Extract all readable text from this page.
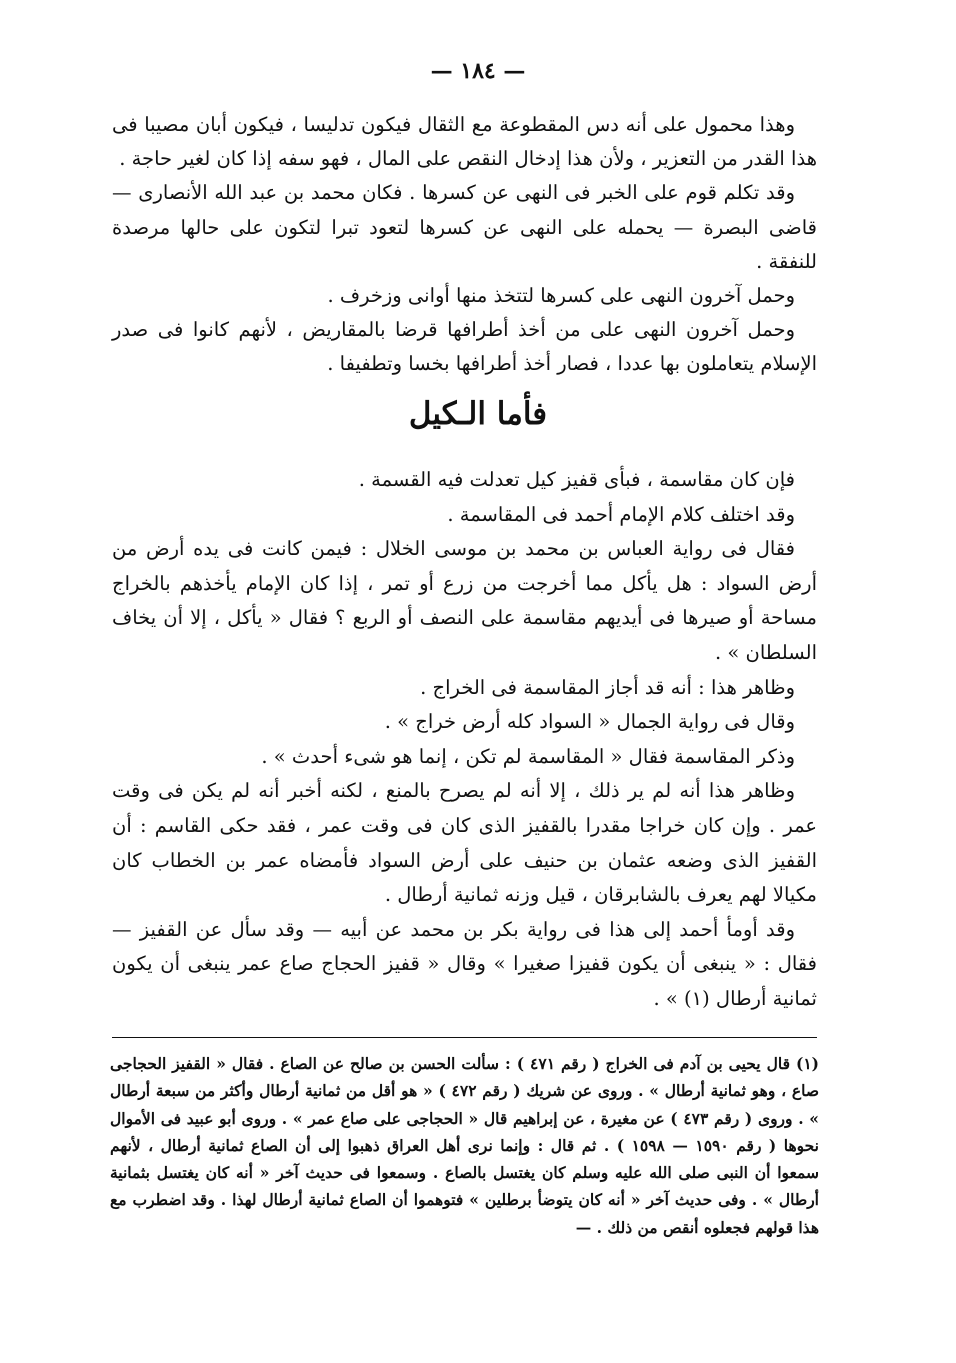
— ١٨٤ —

وهذا محمول على أنه دس المقطوعة مع الثقال فيكون تدليسا ، فيكون أبان مصيبا فى هذا القدر من التعزير ، ولأن هذا إدخال النقص على المال ، فهو سفه إذا كان لغير حاجة .

وقد تكلم قوم على الخبر فى النهى عن كسرها . فكان محمد بن عبد الله الأنصارى — قاضى البصرة — يحمله على النهى عن كسرها لتعود تبرا لتكون على حالها مرصدة للنفقة .

وحمل آخرون النهى على كسرها لتتخذ منها أوانى وزخرف .

وحمل آخرون النهى على من أخذ أطرافها قرضا بالمقاريض ، لأنهم كانوا فى صدر الإسلام يتعاملون بها عددا ، فصار أخذ أطرافها بخسا وتطفيفا .

فأما الـكيل

فإن كان مقاسمة ، فبأى قفيز كيل تعدلت فيه القسمة .

وقد اختلف كلام الإمام أحمد فى المقاسمة .

فقال فى رواية العباس بن محمد بن موسى الخلال : فيمن كانت فى يده أرض من أرض السواد : هل يأكل مما أخرجت من زرع أو تمر ، إذا كان الإمام يأخذهم بالخراج مساحة أو صيرها فى أيديهم مقاسمة على النصف أو الربع ؟ فقال « يأكل ، إلا أن يخاف السلطان » .

وظاهر هذا : أنه قد أجاز المقاسمة فى الخراج .

وقال فى رواية الجمال « السواد كله أرض خراج » .

وذكر المقاسمة فقال « المقاسمة لم تكن ، إنما هو شىء أحدث » .

وظاهر هذا أنه لم ير ذلك ، إلا أنه لم يصرح بالمنع ، لكنه أخبر أنه لم يكن فى وقت عمر . وإن كان خراجا مقدرا بالقفيز الذى كان فى وقت عمر ، فقد حكى القاسم : أن القفيز الذى وضعه عثمان بن حنيف على أرض السواد فأمضاه عمر بن الخطاب كان مكيالا لهم يعرف بالشابرقان ، قيل وزنه ثمانية أرطال .

وقد أومأ أحمد إلى هذا فى رواية بكر بن محمد عن أبيه — وقد سأل عن القفيز — فقال : « ينبغى أن يكون قفيزا صغيرا » وقال « قفيز الحجاج صاع عمر ينبغى أن يكون ثمانية أرطال (١) » .

(١) قال يحيى بن آدم فى الخراج ( رقم ٤٧١ ) : سألت الحسن بن صالح عن الصاع . فقال « القفيز الحجاجى صاع ، وهو ثمانية أرطال » . وروى عن شريك ( رقم ٤٧٢ ) « هو أقل من ثمانية أرطال وأكثر من سبعة أرطال » . وروى ( رقم ٤٧٣ ) عن مغيرة ، عن إبراهيم قال « الحجاجى على صاع عمر » . وروى أبو عبيد فى الأموال نحوها ( رقم ١٥٩٠ — ١٥٩٨ ) . ثم قال : وإنما نرى أهل العراق ذهبوا إلى أن الصاع ثمانية أرطال ، لأنهم سمعوا أن النبى صلى الله عليه وسلم كان يغتسل بالصاع . وسمعوا فى حديث آخر « أنه كان يغتسل بثمانية أرطال » . وفى حديث آخر « أنه كان يتوضأ برطلين » فتوهموا أن الصاع ثمانية أرطال لهذا . وقد اضطرب مع هذا قولهم فجعلوه أنقص من ذلك . —
